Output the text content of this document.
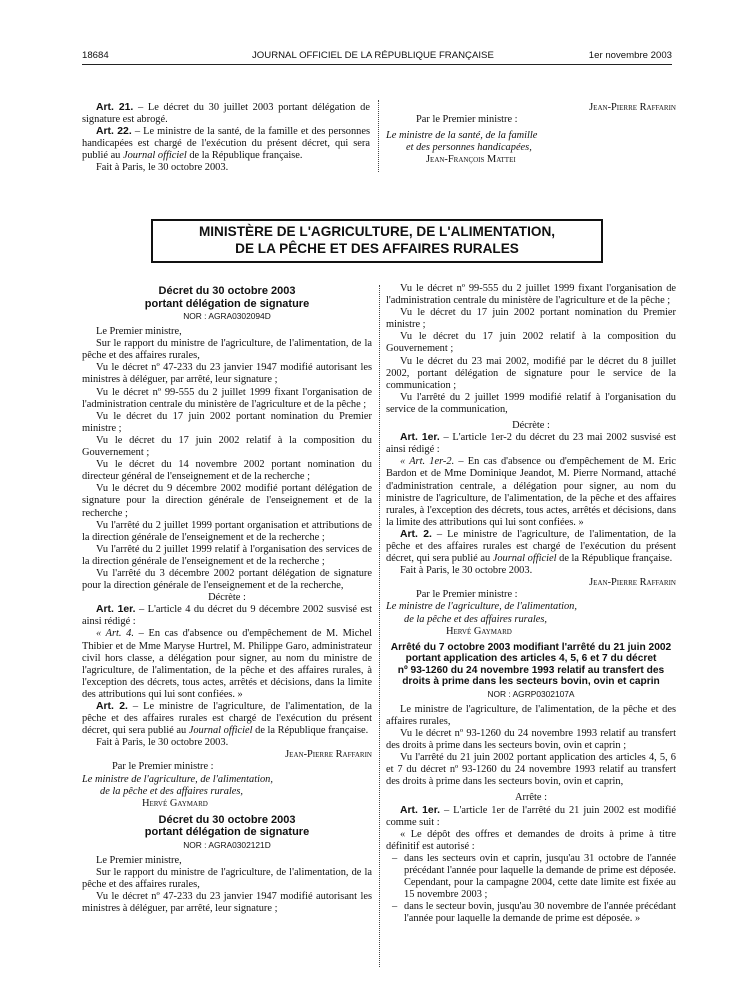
18684	JOURNAL OFFICIEL DE LA RÉPUBLIQUE FRANÇAISE	1er novembre 2003

Art. 21. – Le décret du 30 juillet 2003 portant délégation de signature est abrogé.

Art. 22. – Le ministre de la santé, de la famille et des personnes handicapées est chargé de l'exécution du présent décret, qui sera publié au Journal officiel de la République française.

Fait à Paris, le 30 octobre 2003.

Jean-Pierre Raffarin

Par le Premier ministre :

Le ministre de la santé, de la famille

et des personnes handicapées,

Jean-François Mattei

MINISTÈRE DE L'AGRICULTURE, DE L'ALIMENTATION,
DE LA PÊCHE ET DES AFFAIRES RURALES
Décret du 30 octobre 2003
portant délégation de signature
NOR : AGRA0302094D

Le Premier ministre,

Sur le rapport du ministre de l'agriculture, de l'alimentation, de la pêche et des affaires rurales,

Vu le décret nº 47-233 du 23 janvier 1947 modifié autorisant les ministres à déléguer, par arrêté, leur signature ;

Vu le décret nº 99-555 du 2 juillet 1999 fixant l'organisation de l'administration centrale du ministère de l'agriculture et de la pêche ;

Vu le décret du 17 juin 2002 portant nomination du Premier ministre ;

Vu le décret du 17 juin 2002 relatif à la composition du Gouvernement ;

Vu le décret du 14 novembre 2002 portant nomination du directeur général de l'enseignement et de la recherche ;

Vu le décret du 9 décembre 2002 modifié portant délégation de signature pour la direction générale de l'enseignement et de la recherche ;

Vu l'arrêté du 2 juillet 1999 portant organisation et attributions de la direction générale de l'enseignement et de la recherche ;

Vu l'arrêté du 2 juillet 1999 relatif à l'organisation des services de la direction générale de l'enseignement et de la recherche ;

Vu l'arrêté du 3 décembre 2002 portant délégation de signature pour la direction générale de l'enseignement et de la recherche,

Décrète :

Art. 1er. – L'article 4 du décret du 9 décembre 2002 susvisé est ainsi rédigé :

« Art. 4. – En cas d'absence ou d'empêchement de M. Michel Thibier et de Mme Maryse Hurtrel, M. Philippe Garo, administrateur civil hors classe, a délégation pour signer, au nom du ministre de l'agriculture, de l'alimentation, de la pêche et des affaires rurales, à l'exception des décrets, tous actes, arrêtés et décisions, dans la limite des attributions qui lui sont confiées. »

Art. 2. – Le ministre de l'agriculture, de l'alimentation, de la pêche et des affaires rurales est chargé de l'exécution du présent décret, qui sera publié au Journal officiel de la République française.

Fait à Paris, le 30 octobre 2003.

Jean-Pierre Raffarin

Par le Premier ministre :

Le ministre de l'agriculture, de l'alimentation,

de la pêche et des affaires rurales,

Hervé Gaymard

Décret du 30 octobre 2003
portant délégation de signature
NOR : AGRA0302121D

Le Premier ministre,

Sur le rapport du ministre de l'agriculture, de l'alimentation, de la pêche et des affaires rurales,

Vu le décret nº 47-233 du 23 janvier 1947 modifié autorisant les ministres à déléguer, par arrêté, leur signature ;

Vu le décret nº 99-555 du 2 juillet 1999 fixant l'organisation de l'administration centrale du ministère de l'agriculture et de la pêche ;

Vu le décret du 17 juin 2002 portant nomination du Premier ministre ;

Vu le décret du 17 juin 2002 relatif à la composition du Gouvernement ;

Vu le décret du 23 mai 2002, modifié par le décret du 8 juillet 2002, portant délégation de signature pour le service de la communication ;

Vu l'arrêté du 2 juillet 1999 modifié relatif à l'organisation du service de la communication,

Décrète :

Art. 1er. – L'article 1er-2 du décret du 23 mai 2002 susvisé est ainsi rédigé :

« Art. 1er-2. – En cas d'absence ou d'empêchement de M. Eric Bardon et de Mme Dominique Jeandot, M. Pierre Normand, attaché d'administration centrale, a délégation pour signer, au nom du ministre de l'agriculture, de l'alimentation, de la pêche et des affaires rurales, à l'exception des décrets, tous actes, arrêtés et décisions, dans la limite des attributions qui lui sont confiées. »

Art. 2. – Le ministre de l'agriculture, de l'alimentation, de la pêche et des affaires rurales est chargé de l'exécution du présent décret, qui sera publié au Journal officiel de la République française.

Fait à Paris, le 30 octobre 2003.

Jean-Pierre Raffarin

Par le Premier ministre :

Le ministre de l'agriculture, de l'alimentation,

de la pêche et des affaires rurales,

Hervé Gaymard

Arrêté du 7 octobre 2003 modifiant l'arrêté du 21 juin 2002
portant application des articles 4, 5, 6 et 7 du décret
nº 93-1260 du 24 novembre 1993 relatif au transfert des
droits à prime dans les secteurs bovin, ovin et caprin
NOR : AGRP0302107A

Le ministre de l'agriculture, de l'alimentation, de la pêche et des affaires rurales,

Vu le décret nº 93-1260 du 24 novembre 1993 relatif au transfert des droits à prime dans les secteurs bovin, ovin et caprin ;

Vu l'arrêté du 21 juin 2002 portant application des articles 4, 5, 6 et 7 du décret nº 93-1260 du 24 novembre 1993 relatif au transfert des droits à prime dans les secteurs bovin, ovin et caprin,

Arrête :

Art. 1er. – L'article 1er de l'arrêté du 21 juin 2002 est modifié comme suit :

« Le dépôt des offres et demandes de droits à prime à titre définitif est autorisé :

– dans les secteurs ovin et caprin, jusqu'au 31 octobre de l'année précédant l'année pour laquelle la demande de prime est déposée. Cependant, pour la campagne 2004, cette date limite est fixée au 15 novembre 2003 ;
– dans le secteur bovin, jusqu'au 30 novembre de l'année précédant l'année pour laquelle la demande de prime est déposée. »
